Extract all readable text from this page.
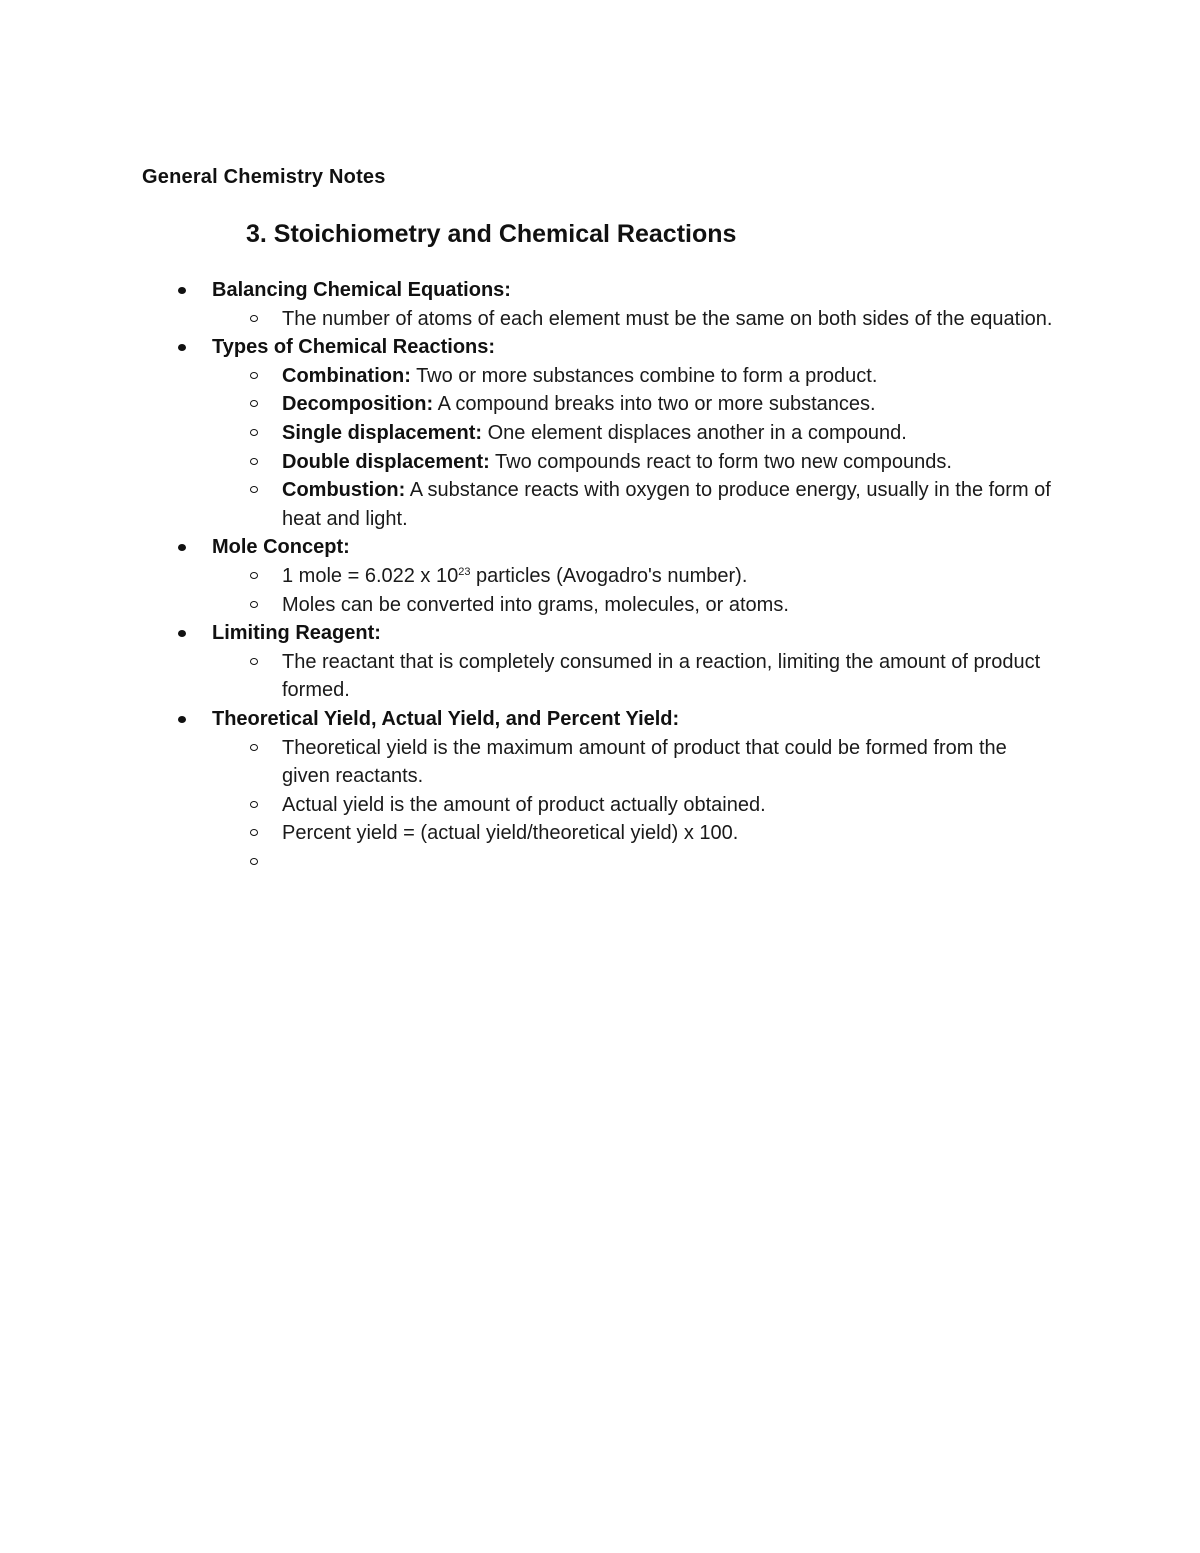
General Chemistry Notes
3. Stoichiometry and Chemical Reactions
Balancing Chemical Equations:
The number of atoms of each element must be the same on both sides of the equation.
Types of Chemical Reactions:
Combination: Two or more substances combine to form a product.
Decomposition: A compound breaks into two or more substances.
Single displacement: One element displaces another in a compound.
Double displacement: Two compounds react to form two new compounds.
Combustion: A substance reacts with oxygen to produce energy, usually in the form of heat and light.
Mole Concept:
1 mole = 6.022 x $10^{23}$ particles (Avogadro's number).
Moles can be converted into grams, molecules, or atoms.
Limiting Reagent:
The reactant that is completely consumed in a reaction, limiting the amount of product formed.
Theoretical Yield, Actual Yield, and Percent Yield:
Theoretical yield is the maximum amount of product that could be formed from the given reactants.
Actual yield is the amount of product actually obtained.
Percent yield = (actual yield/theoretical yield) x 100.
